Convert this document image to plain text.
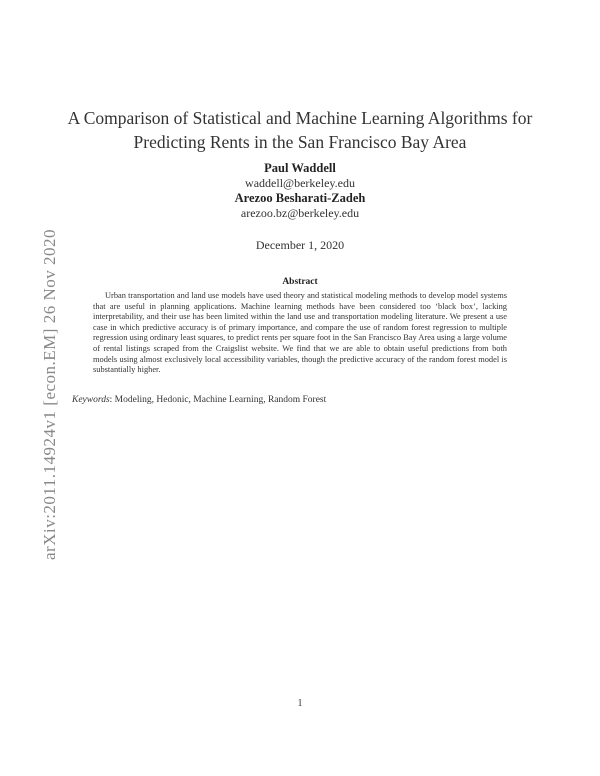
arXiv:2011.14924v1 [econ.EM] 26 Nov 2020
A Comparison of Statistical and Machine Learning Algorithms for Predicting Rents in the San Francisco Bay Area
Paul Waddell
waddell@berkeley.edu
Arezoo Besharati-Zadeh
arezoo.bz@berkeley.edu
December 1, 2020
Abstract
Urban transportation and land use models have used theory and statistical modeling methods to develop model systems that are useful in planning applications. Machine learning methods have been considered too ‘black box’, lacking interpretability, and their use has been limited within the land use and transportation modeling literature. We present a use case in which predictive accuracy is of primary importance, and compare the use of random forest regression to multiple regression using ordinary least squares, to predict rents per square foot in the San Francisco Bay Area using a large volume of rental listings scraped from the Craigslist website. We find that we are able to obtain useful predictions from both models using almost exclusively local accessibility variables, though the predictive accuracy of the random forest model is substantially higher.
Keywords: Modeling, Hedonic, Machine Learning, Random Forest
1
